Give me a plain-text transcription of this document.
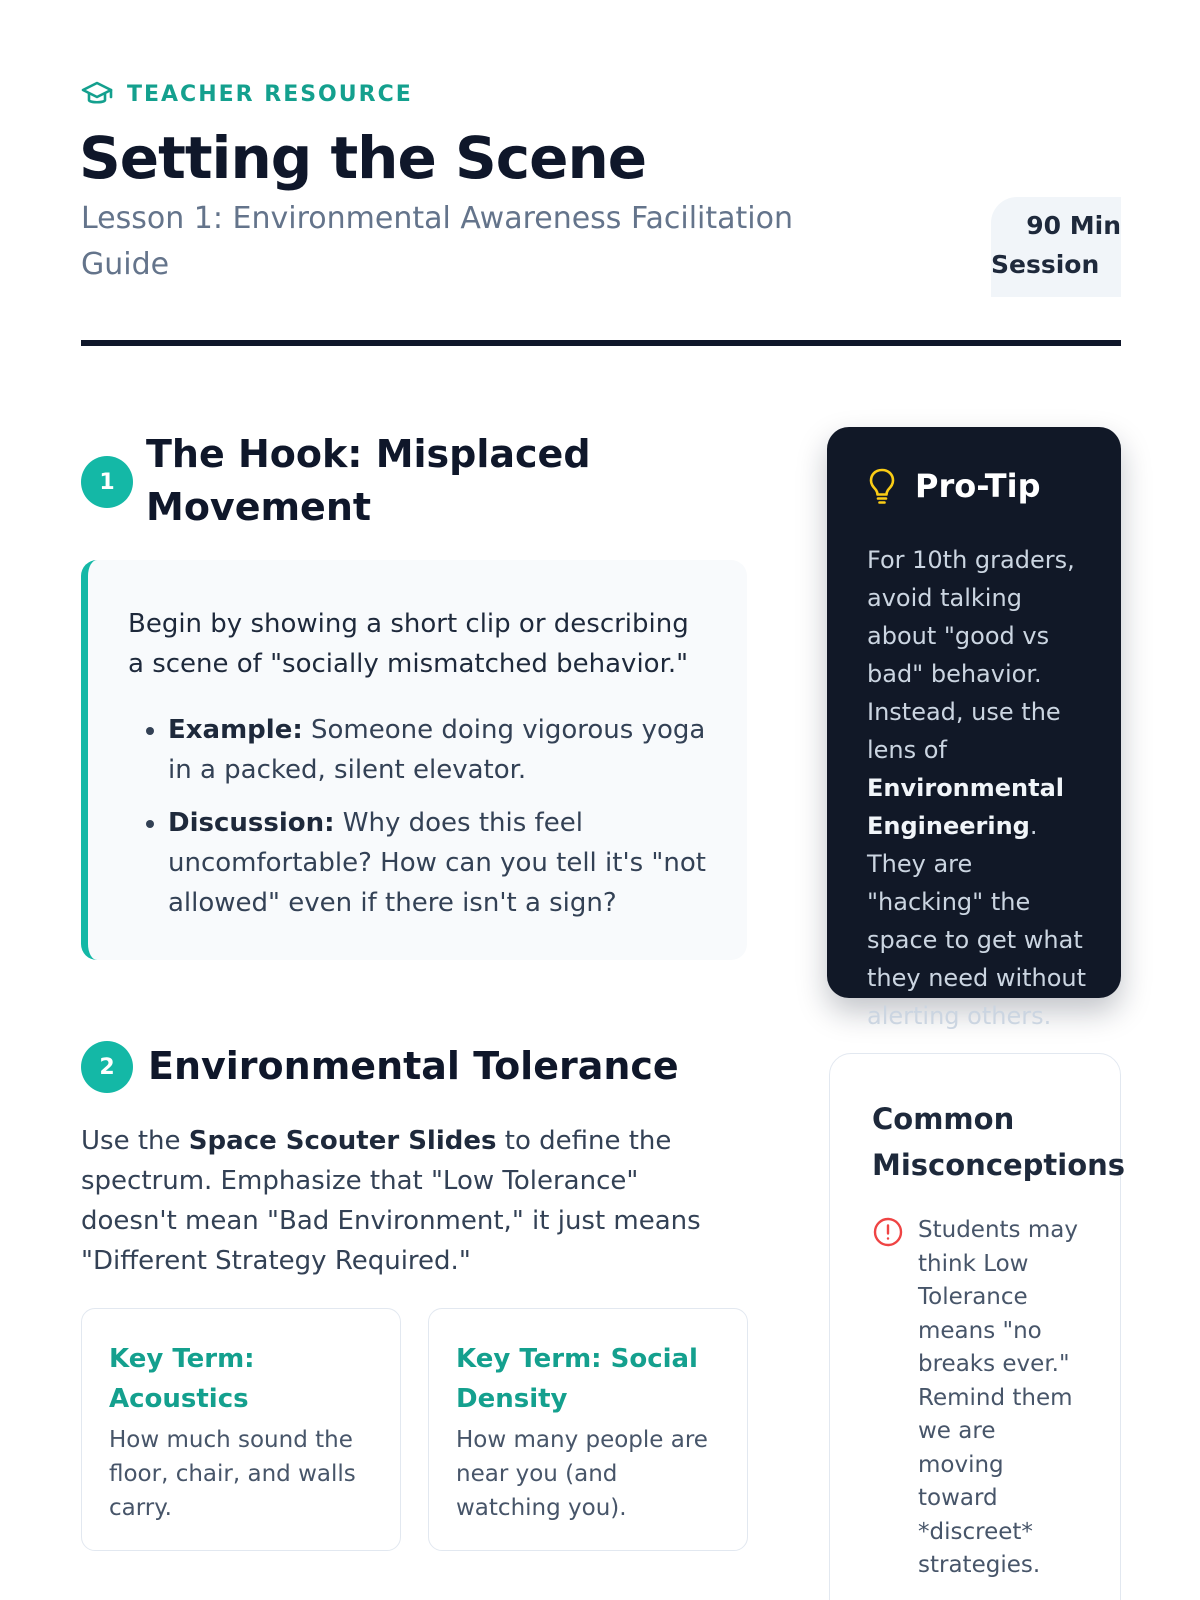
TEACHER RESOURCE
Setting the Scene
Lesson 1: Environmental Awareness Facilitation Guide
90 Min
Session
1
The Hook: Misplaced Movement

Begin by showing a short clip or describing a scene of "socially mismatched behavior."

• Example: Someone doing vigorous yoga in a packed, silent elevator.
• Discussion: Why does this feel uncomfortable? How can you tell it's "not allowed" even if there isn't a sign?
2 Environmental Tolerance
Use the Space Scouter Slides to define the spectrum. Emphasize that "Low Tolerance" doesn't mean "Bad Environment," it just means "Different Strategy Required."
Key Term: Acoustics

How much sound the floor, chair, and walls carry.

Key Term: Social Density

How many people are near you (and watching you).

Pro-Tip

For 10th graders, avoid talking about "good vs bad" behavior. Instead, use the lens of Environmental Engineering. They are "hacking" the space to get what they need without alerting others.

Common Misconceptions
Students may think Low Tolerance means "no breaks ever." Remind them we are moving toward *discreet* strategies.
